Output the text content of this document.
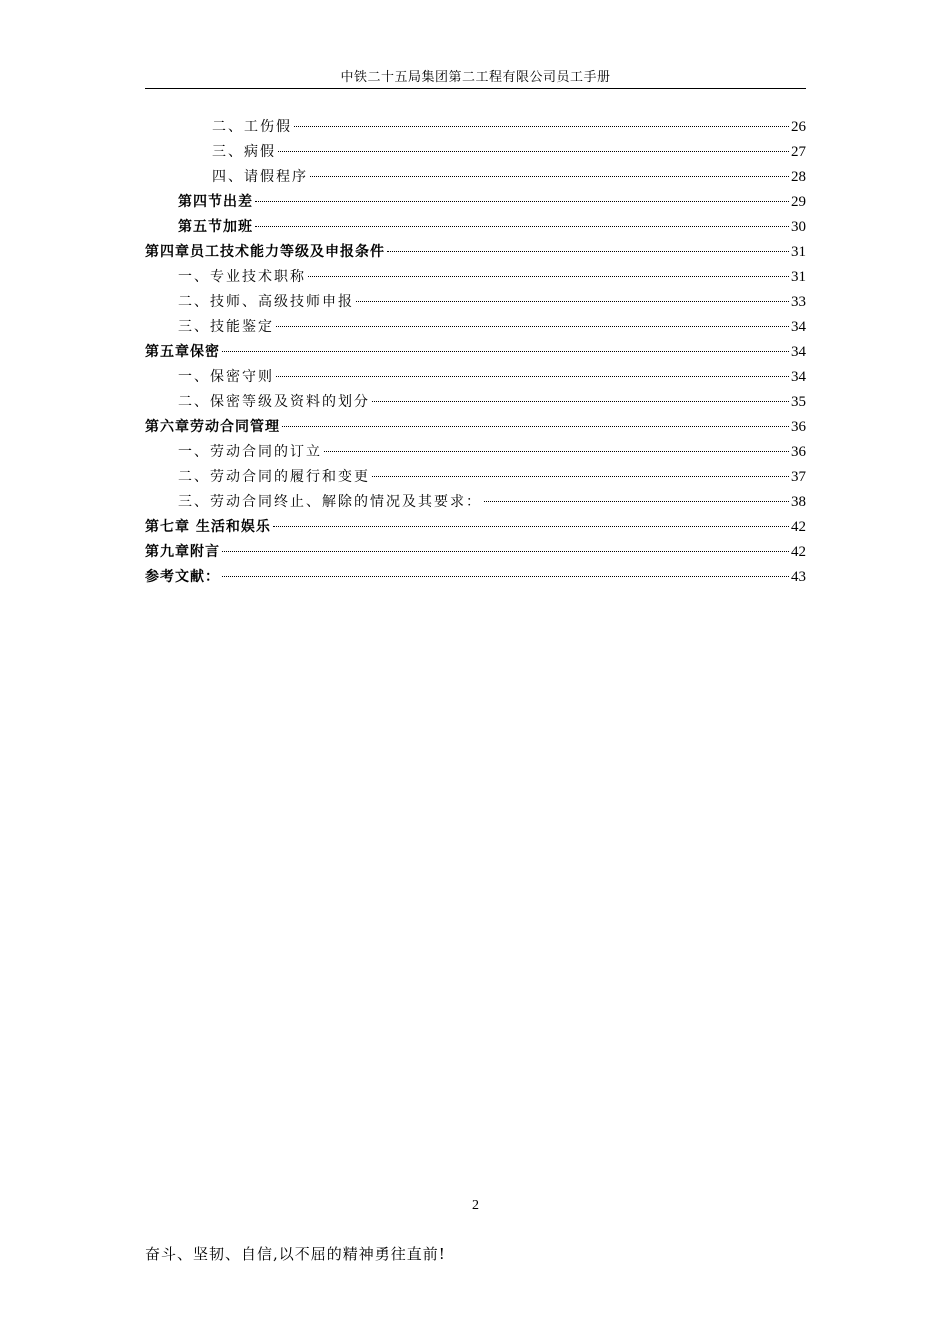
中铁二十五局集团第二工程有限公司员工手册
二、工伤假	26
三、病假	27
四、请假程序	28
第四节出差	29
第五节加班	30
第四章员工技术能力等级及申报条件	31
一、专业技术职称	31
二、技师、高级技师申报	33
三、技能鉴定	34
第五章保密	34
一、保密守则	34
二、保密等级及资料的划分	35
第六章劳动合同管理	36
一、劳动合同的订立	36
二、劳动合同的履行和变更	37
三、劳动合同终止、解除的情况及其要求：	38
第七章 生活和娱乐	42
第九章附言	42
参考文献：	43
2
奋斗、坚韧、自信,以不屈的精神勇往直前!
